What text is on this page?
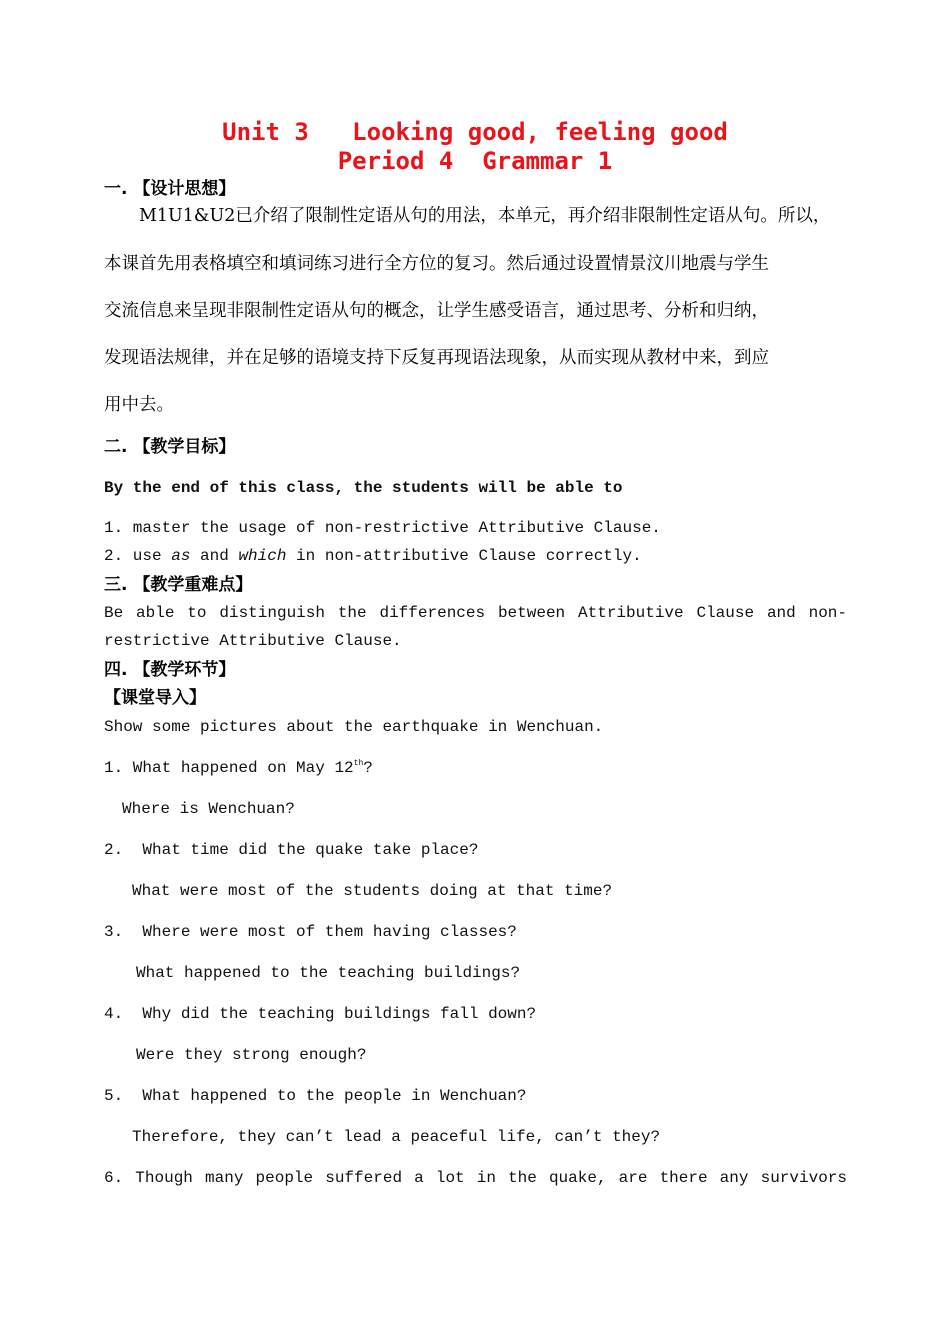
Unit 3   Looking good, feeling good
Period 4  Grammar 1
一. 【设计思想】
M1U1&U2已介绍了限制性定语从句的用法，本单元，再介绍非限制性定语从句。所以，
本课首先用表格填空和填词练习进行全方位的复习。然后通过设置情景汶川地震与学生
交流信息来呈现非限制性定语从句的概念，让学生感受语言，通过思考、分析和归纳，
发现语法规律，并在足够的语境支持下反复再现语法现象，从而实现从教材中来，到应
用中去。
二. 【教学目标】
By the end of this class, the students will be able to
1. master the usage of non-restrictive Attributive Clause.
2. use as and which in non-attributive Clause correctly.
三. 【教学重难点】
Be able to distinguish the differences between Attributive Clause and non-
restrictive Attributive Clause.
四. 【教学环节】
【课堂导入】
Show some pictures about the earthquake in Wenchuan.
1. What happened on May 12th?
Where is Wenchuan?
2.  What time did the quake take place?
What were most of the students doing at that time?
3.  Where were most of them having classes?
What happened to the teaching buildings?
4.  Why did the teaching buildings fall down?
Were they strong enough?
5.  What happened to the people in Wenchuan?
Therefore, they can’t lead a peaceful life, can’t they?
6. Though many people suffered a lot in the quake, are there any survivors
